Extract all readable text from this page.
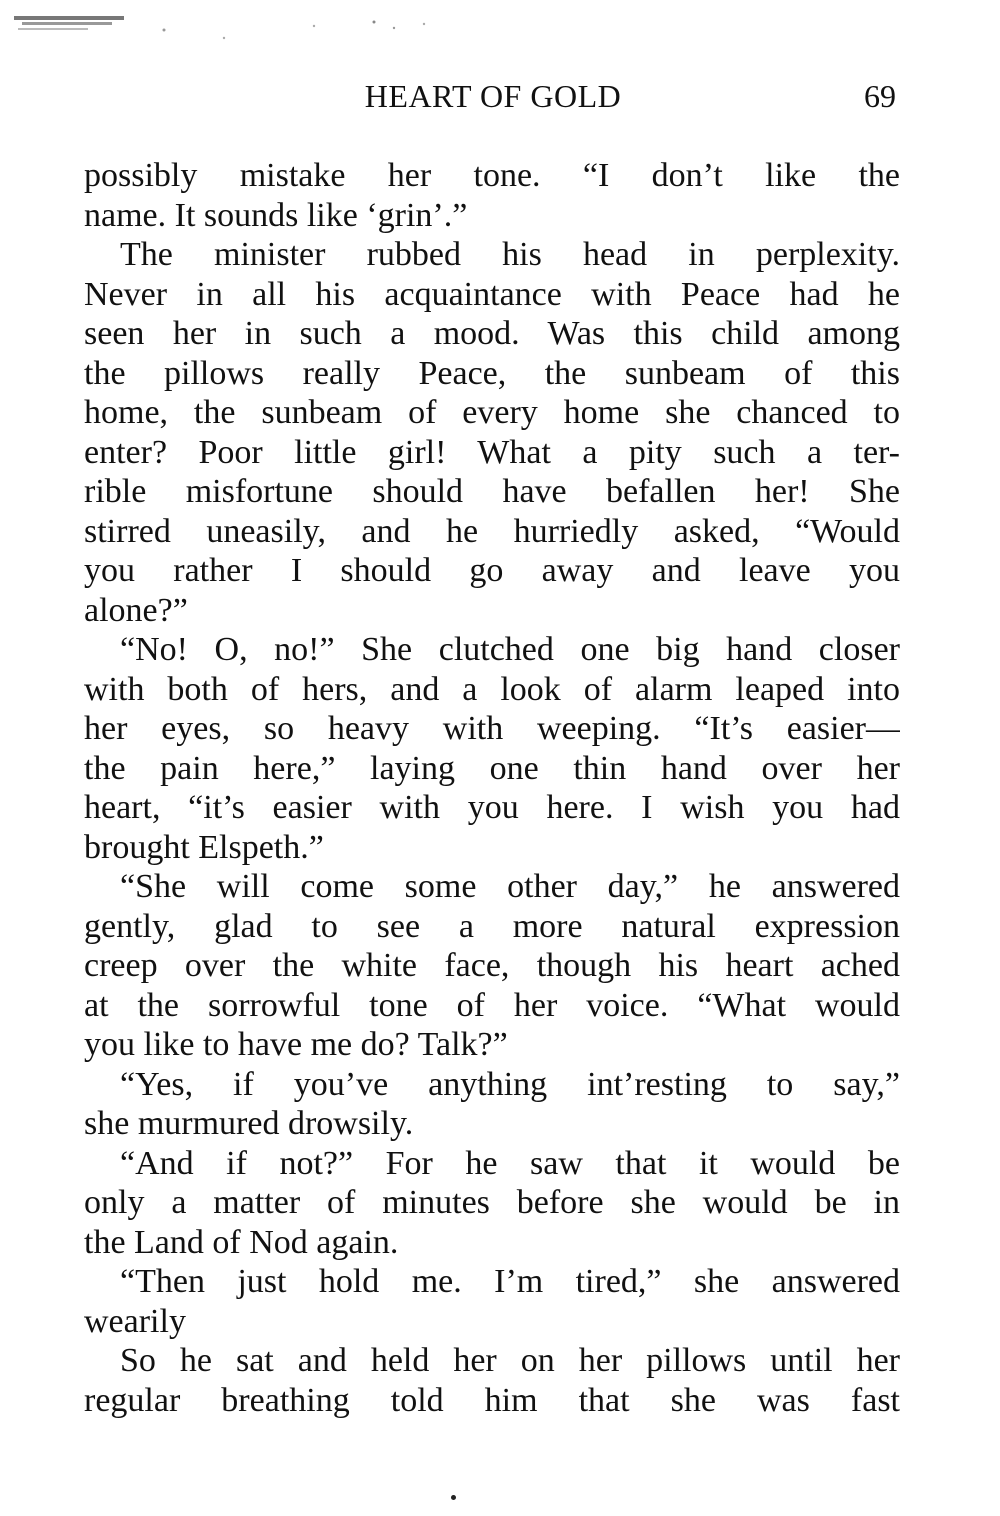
HEART OF GOLD	69
possibly mistake her tone. “I don’t like the
name. It sounds like ‘grin’.”
The minister rubbed his head in perplexity.
Never in all his acquaintance with Peace had he
seen her in such a mood. Was this child among
the pillows really Peace, the sunbeam of this
home, the sunbeam of every home she chanced to
enter? Poor little girl! What a pity such a ter-
rible misfortune should have befallen her! She
stirred uneasily, and he hurriedly asked, “Would
you rather I should go away and leave you
alone?”
“No! O, no!” She clutched one big hand closer
with both of hers, and a look of alarm leaped into
her eyes, so heavy with weeping. “It’s easier—
the pain here,” laying one thin hand over her
heart, “it’s easier with you here. I wish you had
brought Elspeth.”
“She will come some other day,” he answered
gently, glad to see a more natural expression
creep over the white face, though his heart ached
at the sorrowful tone of her voice. “What would
you like to have me do? Talk?”
“Yes, if you’ve anything int’resting to say,”
she murmured drowsily.
“And if not?” For he saw that it would be
only a matter of minutes before she would be in
the Land of Nod again.
“Then just hold me. I’m tired,” she answered
wearily
So he sat and held her on her pillows until her
regular breathing told him that she was fast
